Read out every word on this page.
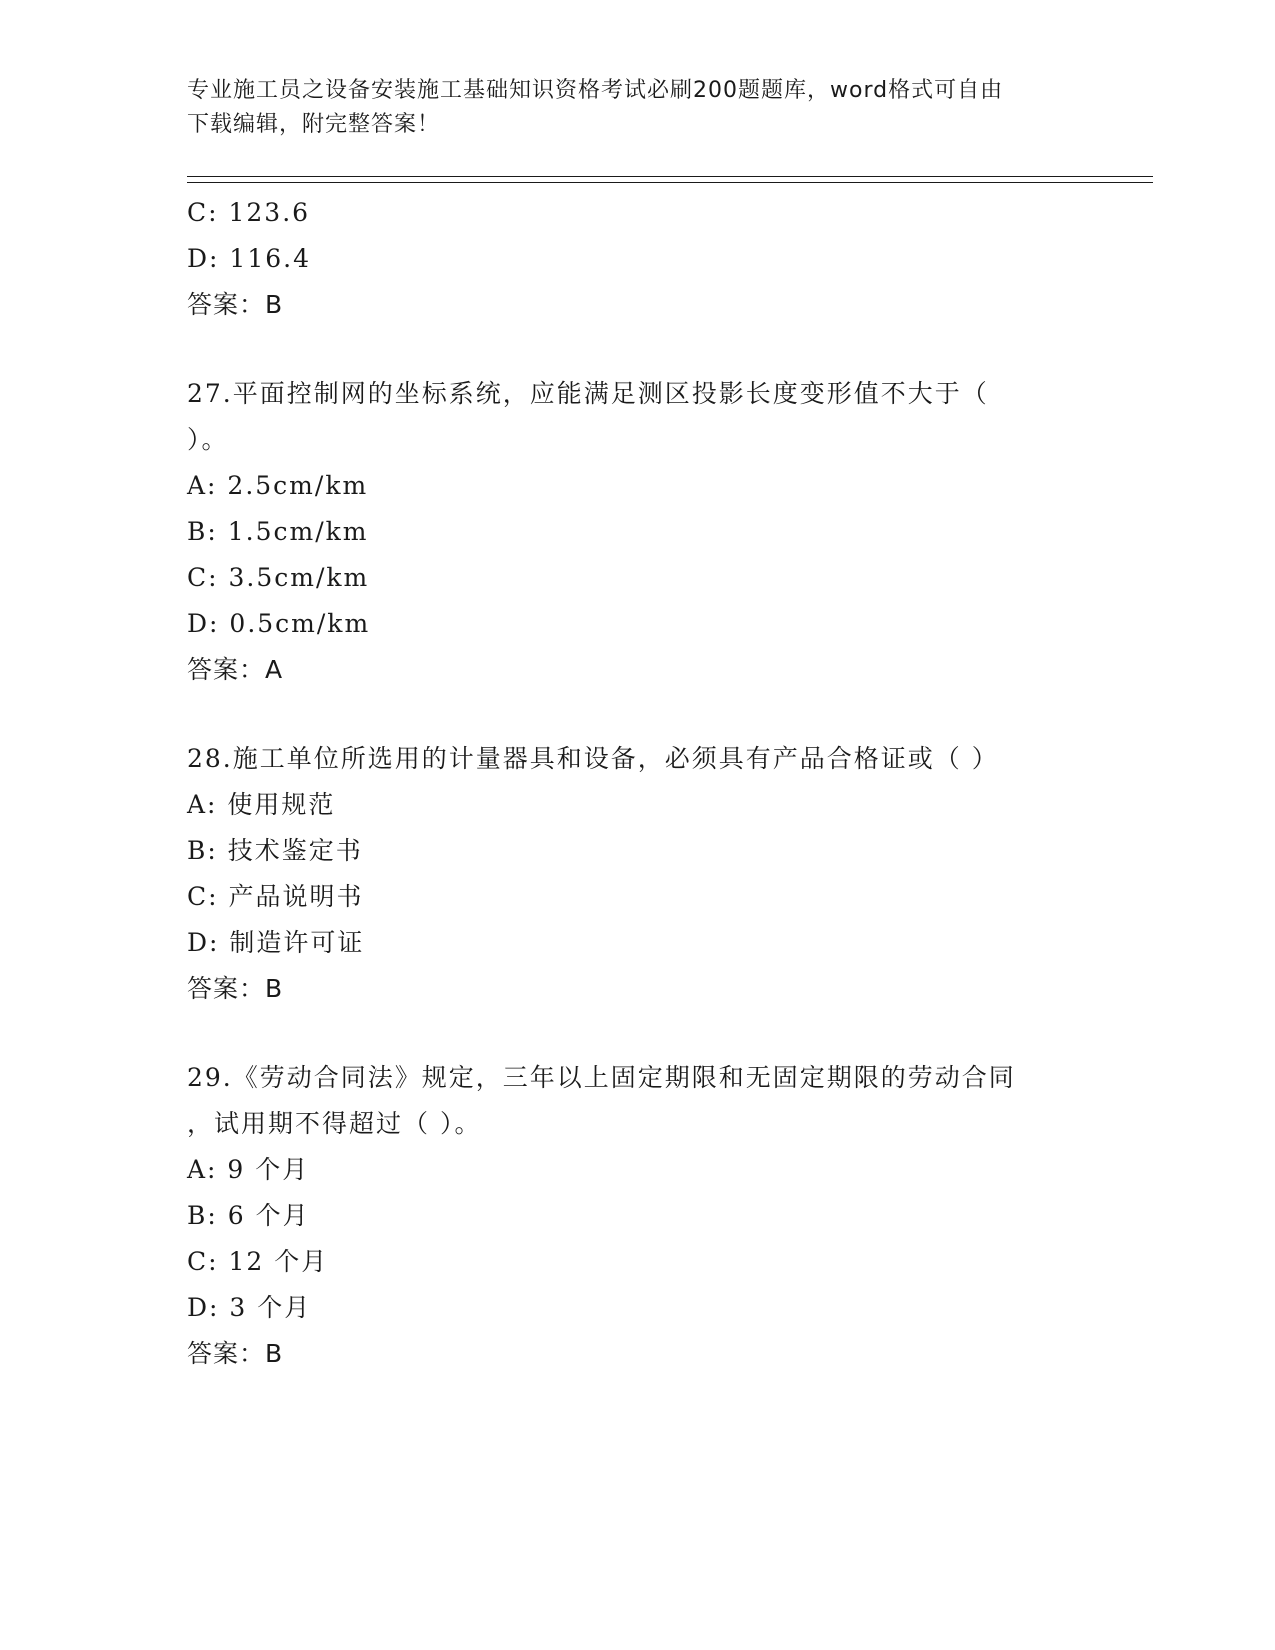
专业施工员之设备安装施工基础知识资格考试必刷200题题库，word格式可自由
下载编辑，附完整答案！
C: 123.6
D: 116.4
答案：B
27.平面控制网的坐标系统，应能满足测区投影长度变形值不大于（
）。
A: 2.5cm/km
B: 1.5cm/km
C: 3.5cm/km
D: 0.5cm/km
答案：A
28.施工单位所选用的计量器具和设备，必须具有产品合格证或（ ）
A: 使用规范
B: 技术鉴定书
C: 产品说明书
D: 制造许可证
答案：B
29.《劳动合同法》规定，三年以上固定期限和无固定期限的劳动合同
，试用期不得超过（ ）。
A: 9 个月
B: 6 个月
C: 12 个月
D: 3 个月
答案：B
